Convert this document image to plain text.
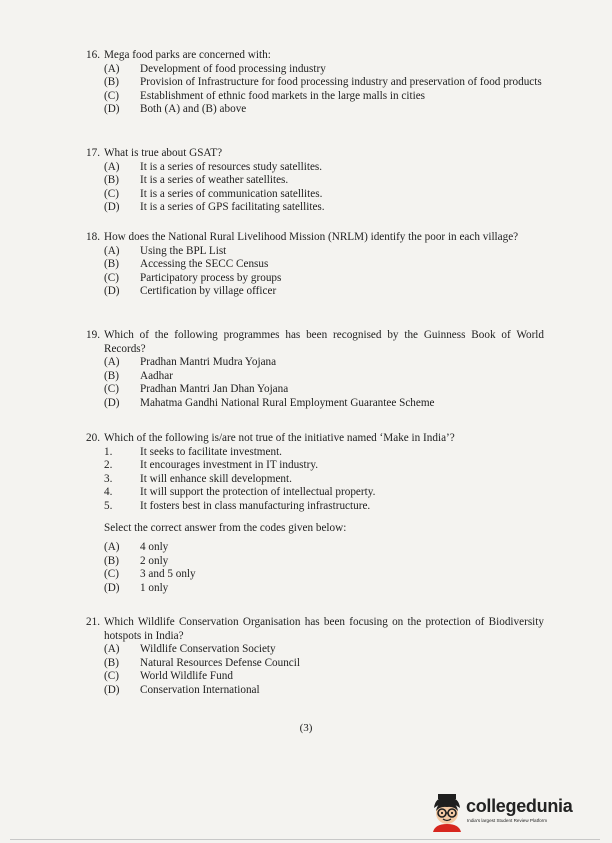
16. Mega food parks are concerned with:
(A)	Development of food processing industry
(B)	Provision of Infrastructure for food processing industry and preservation of food products
(C)	Establishment of ethnic food markets in the large malls in cities
(D)	Both (A) and (B) above
17. What is true about GSAT?
(A)	It is a series of resources study satellites.
(B)	It is a series of weather satellites.
(C)	It is a series of communication satellites.
(D)	It is a series of GPS facilitating satellites.
18. How does the National Rural Livelihood Mission (NRLM) identify the poor in each village?
(A)	Using the BPL List
(B)	Accessing the SECC Census
(C)	Participatory process by groups
(D)	Certification by village officer
19. Which of the following programmes has been recognised by the Guinness Book of World Records?
(A)	Pradhan Mantri Mudra Yojana
(B)	Aadhar
(C)	Pradhan Mantri Jan Dhan Yojana
(D)	Mahatma Gandhi National Rural Employment Guarantee Scheme
20. Which of the following is/are not true of the initiative named ‘Make in India’?
1.	It seeks to facilitate investment.
2.	It encourages investment in IT industry.
3.	It will enhance skill development.
4.	It will support the protection of intellectual property.
5.	It fosters best in class manufacturing infrastructure.
Select the correct answer from the codes given below:
(A)	4 only
(B)	2 only
(C)	3 and 5 only
(D)	1 only
21. Which Wildlife Conservation Organisation has been focusing on the protection of Biodiversity hotspots in India?
(A)	Wildlife Conservation Society
(B)	Natural Resources Defense Council
(C)	World Wildlife Fund
(D)	Conservation International
(3)
collegedunia
India's largest Student Review Platform
